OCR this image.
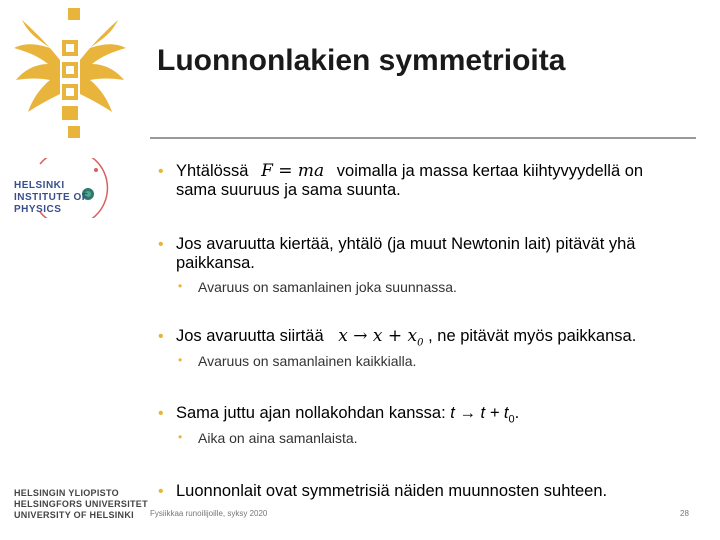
HELSINKI
INSTITUTE OF
PHYSICS
HELSINGIN YLIOPISTO
HELSINGFORS UNIVERSITET
UNIVERSITY OF HELSINKI
Luonnonlakien symmetrioita
• Yhtälössä F = ma voimalla ja massa kertaa kiihtyvyydellä on
sama suuruus ja sama suunta.
• Jos avaruutta kiertää, yhtälö (ja muut Newtonin lait) pitävät yhä
paikkansa.
• Avaruus on samanlainen joka suunnassa.
• Jos avaruutta siirtää $x \to x + x_0$ , ne pitävät myös paikkansa.
• Avaruus on samanlainen kaikkialla.
• Sama juttu ajan nollakohdan kanssa: $t \to t + t_0$.
• Aika on aina samanlaista.
• Luonnonlait ovat symmetrisiä näiden muunnosten suhteen.
Fysiikkaa runoilijoille, syksy 2020	28
